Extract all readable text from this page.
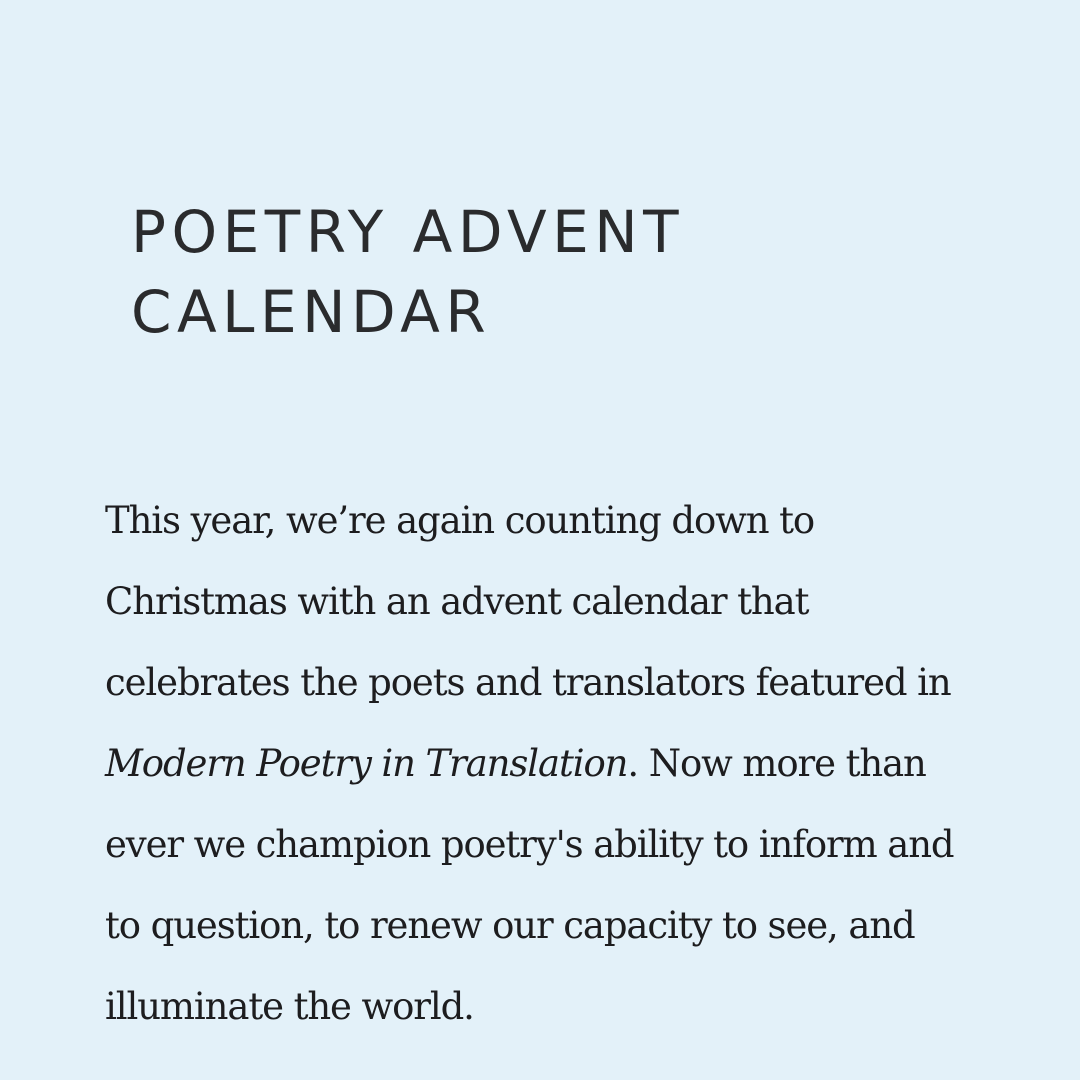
POETRY ADVENT
CALENDAR

This year, we’re again counting down to
Christmas with an advent calendar that
celebrates the poets and translators featured in
Modern Poetry in Translation. Now more than
ever we champion poetry's ability to inform and
to question, to renew our capacity to see, and
illuminate the world.
